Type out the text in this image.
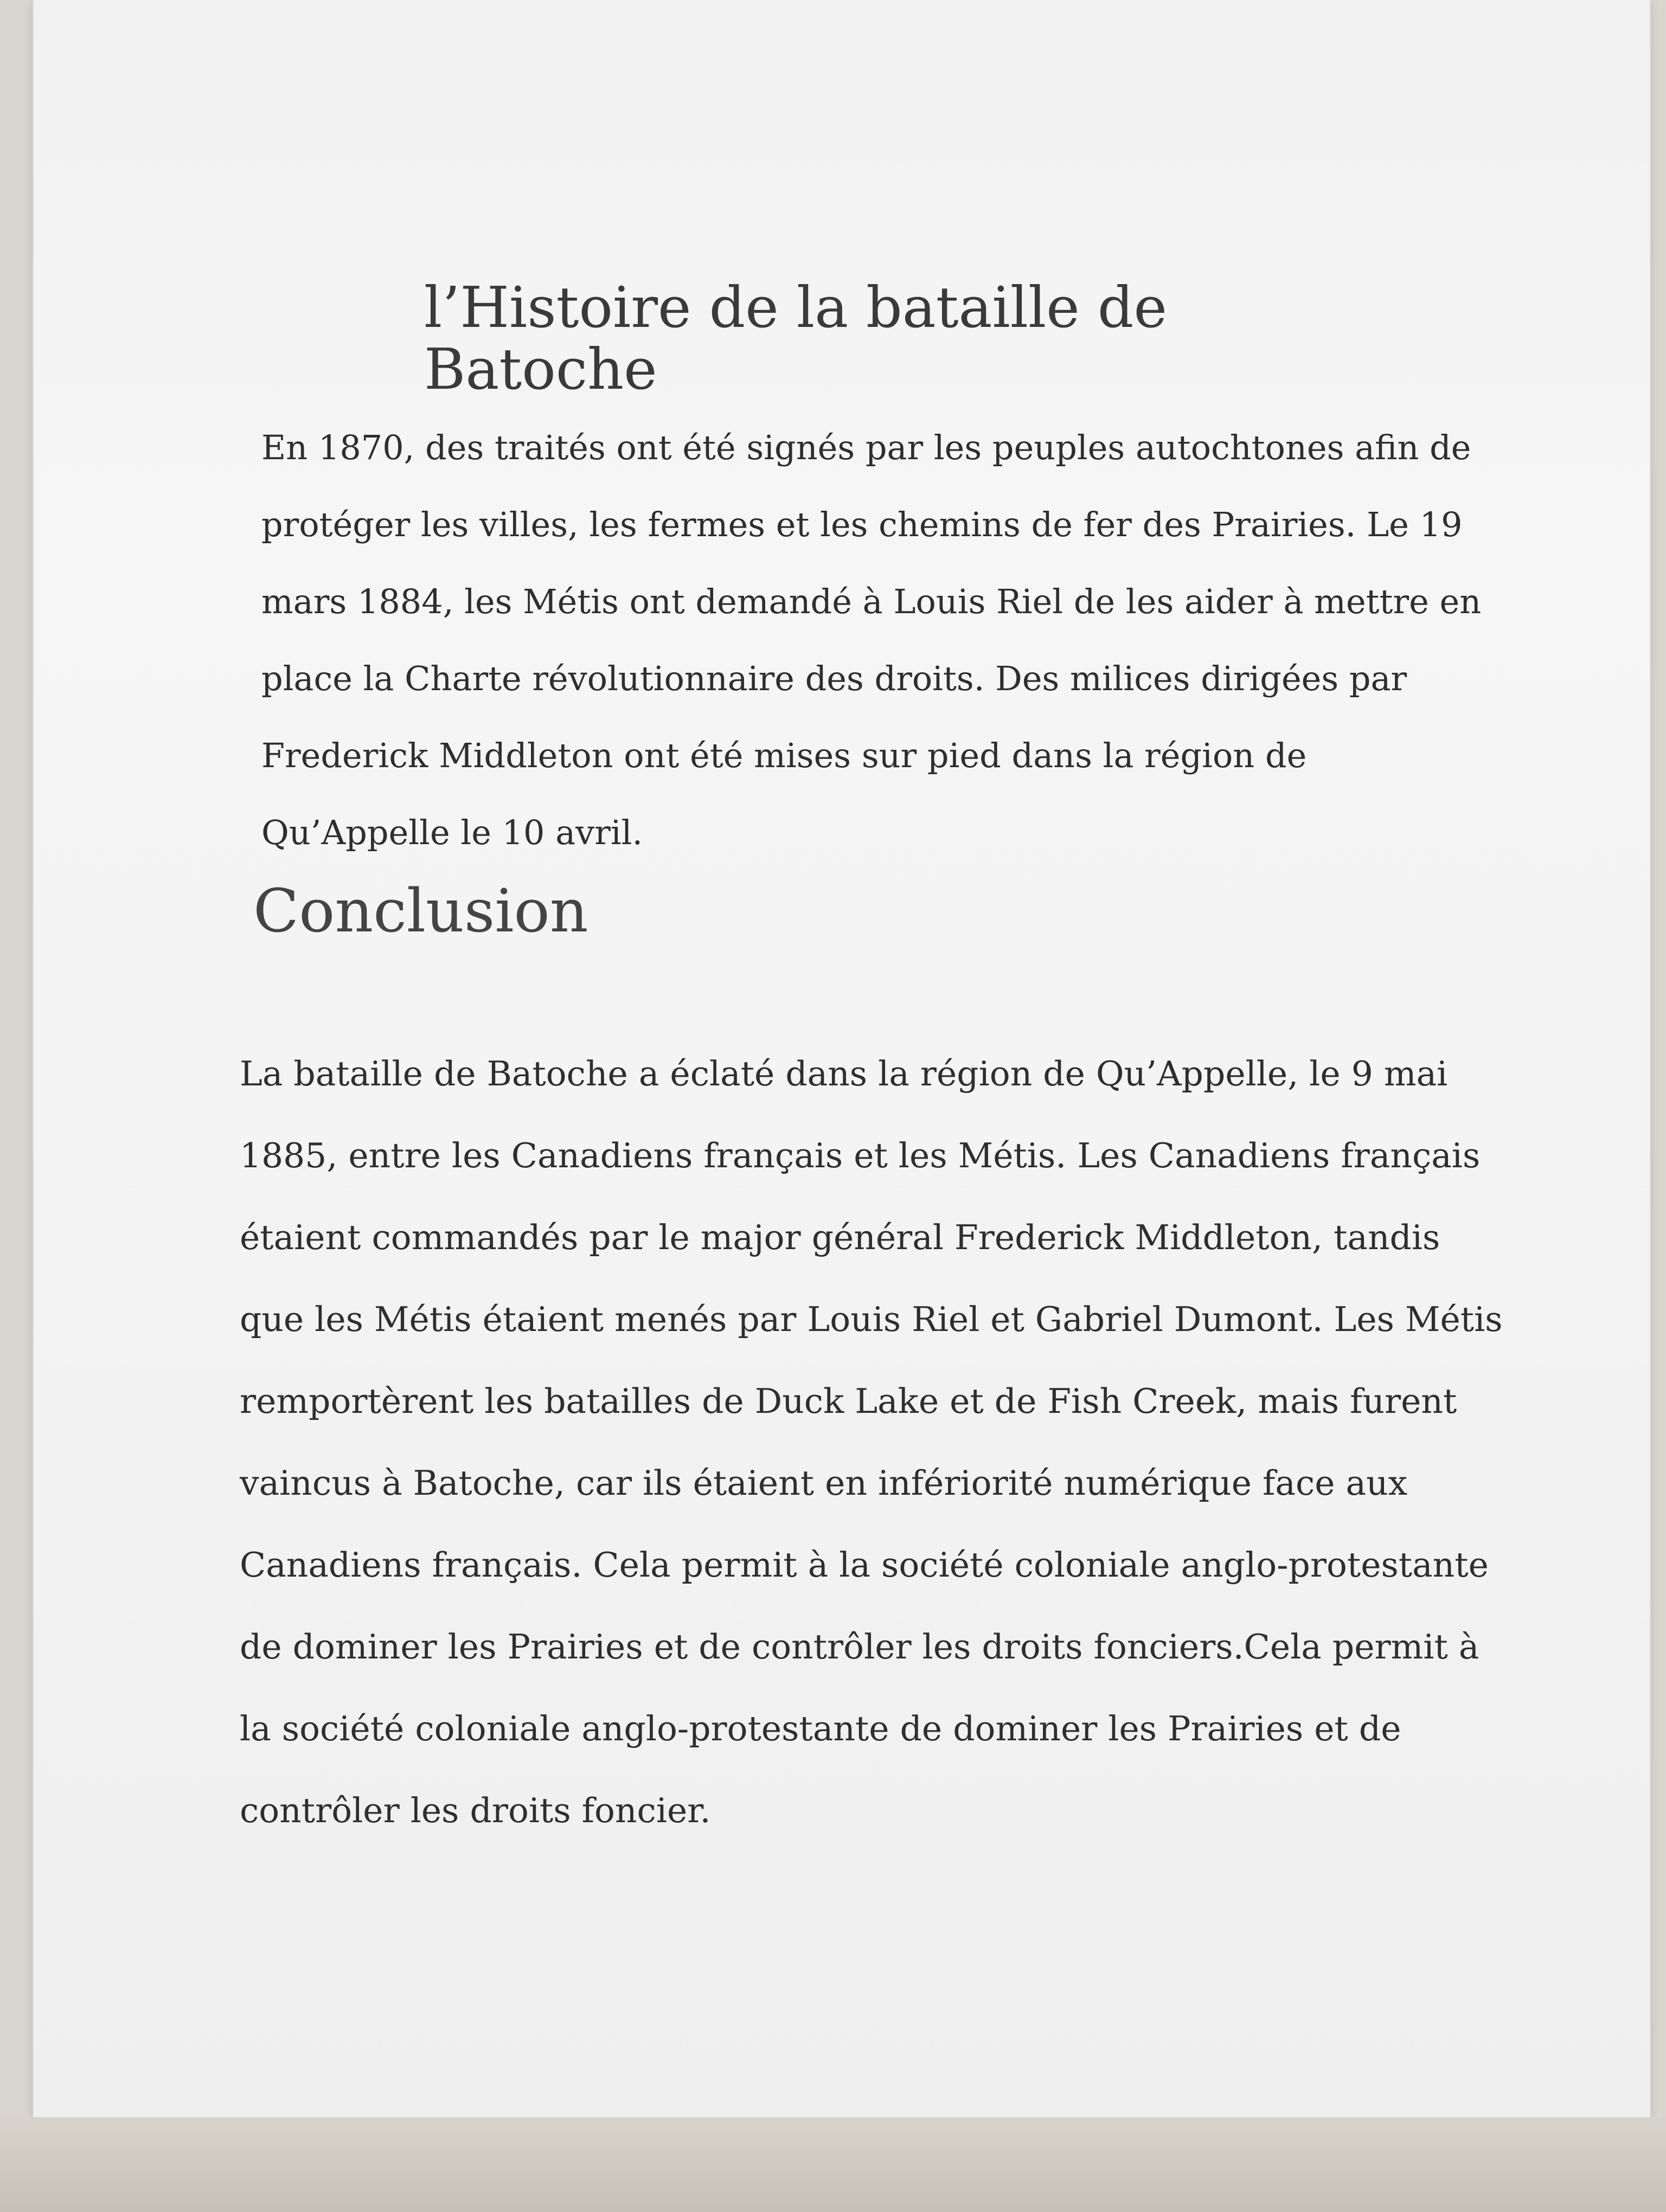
l’Histoire de la bataille de Batoche

En 1870, des traités ont été signés par les peuples autochtones afin de protéger les villes, les fermes et les chemins de fer des Prairies. Le 19 mars 1884, les Métis ont demandé à Louis Riel de les aider à mettre en place la Charte révolutionnaire des droits. Des milices dirigées par Frederick Middleton ont été mises sur pied dans la région de Qu’Appelle le 10 avril.

Conclusion

La bataille de Batoche a éclaté dans la région de Qu’Appelle, le 9 mai 1885, entre les Canadiens français et les Métis. Les Canadiens français étaient commandés par le major général Frederick Middleton, tandis que les Métis étaient menés par Louis Riel et Gabriel Dumont. Les Métis remportèrent les batailles de Duck Lake et de Fish Creek, mais furent vaincus à Batoche, car ils étaient en infériorité numérique face aux Canadiens français. Cela permit à la société coloniale anglo-protestante de dominer les Prairies et de contrôler les droits fonciers.Cela permit à la société coloniale anglo-protestante de dominer les Prairies et de contrôler les droits foncier.
